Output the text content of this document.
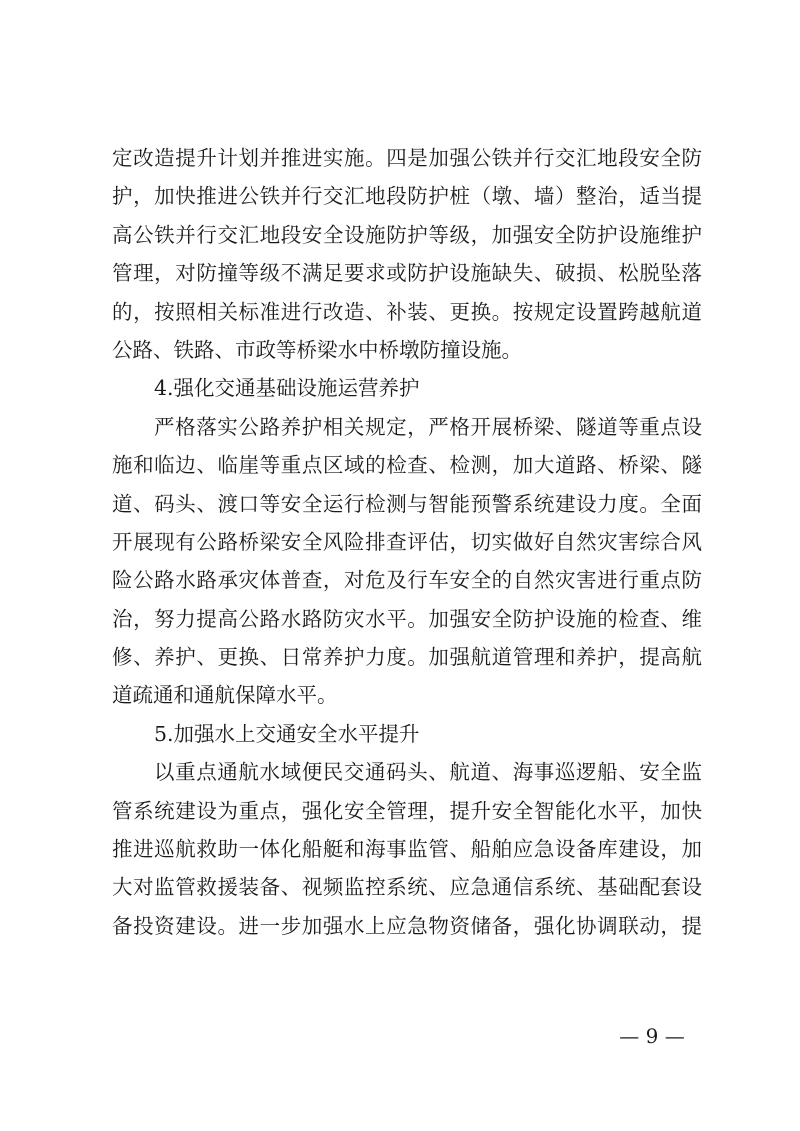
定改造提升计划并推进实施。四是加强公铁并行交汇地段安全防
护，加快推进公铁并行交汇地段防护桩（墩、墙）整治，适当提
高公铁并行交汇地段安全设施防护等级，加强安全防护设施维护
管理，对防撞等级不满足要求或防护设施缺失、破损、松脱坠落
的，按照相关标准进行改造、补装、更换。按规定设置跨越航道
公路、铁路、市政等桥梁水中桥墩防撞设施。
4.强化交通基础设施运营养护
严格落实公路养护相关规定，严格开展桥梁、隧道等重点设
施和临边、临崖等重点区域的检查、检测，加大道路、桥梁、隧
道、码头、渡口等安全运行检测与智能预警系统建设力度。全面
开展现有公路桥梁安全风险排查评估，切实做好自然灾害综合风
险公路水路承灾体普查，对危及行车安全的自然灾害进行重点防
治，努力提高公路水路防灾水平。加强安全防护设施的检查、维
修、养护、更换、日常养护力度。加强航道管理和养护，提高航
道疏通和通航保障水平。
5.加强水上交通安全水平提升
以重点通航水域便民交通码头、航道、海事巡逻船、安全监
管系统建设为重点，强化安全管理，提升安全智能化水平，加快
推进巡航救助一体化船艇和海事监管、船舶应急设备库建设，加
大对监管救援装备、视频监控系统、应急通信系统、基础配套设
备投资建设。进一步加强水上应急物资储备，强化协调联动，提
— 9 —
